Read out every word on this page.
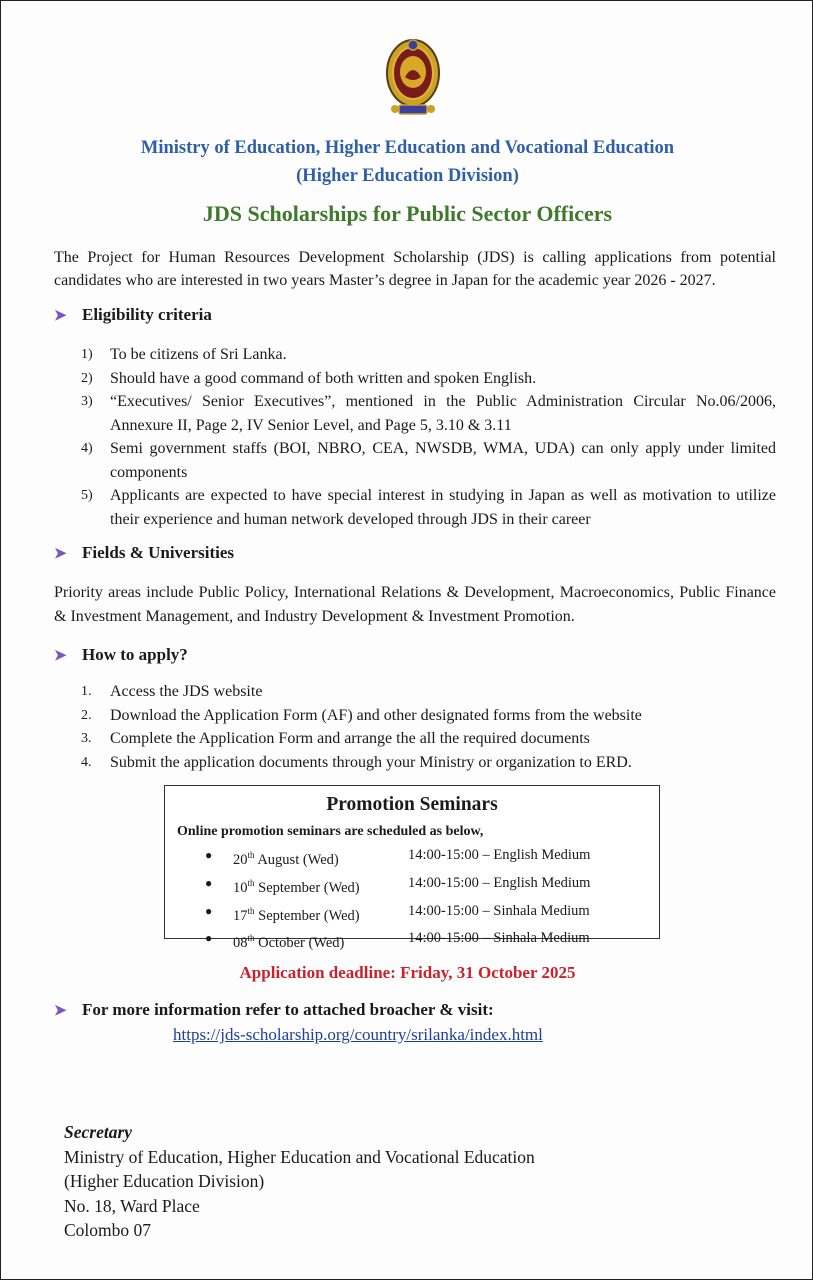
Ministry of Education, Higher Education and Vocational Education
(Higher Education Division)
JDS Scholarships for Public Sector Officers
The Project for Human Resources Development Scholarship (JDS) is calling applications from potential candidates who are interested in two years Master’s degree in Japan for the academic year 2026 - 2027.
➤ Eligibility criteria
1)	To be citizens of Sri Lanka.
2)	Should have a good command of both written and spoken English.
3)	“Executives/ Senior Executives”, mentioned in the Public Administration Circular No.06/2006, Annexure II, Page 2, IV Senior Level, and Page 5, 3.10 & 3.11
4)	Semi government staffs (BOI, NBRO, CEA, NWSDB, WMA, UDA) can only apply under limited components
5)	Applicants are expected to have special interest in studying in Japan as well as motivation to utilize their experience and human network developed through JDS in their career
➤ Fields & Universities
Priority areas include Public Policy, International Relations & Development, Macroeconomics, Public Finance & Investment Management, and Industry Development & Investment Promotion.
➤ How to apply?
1.	Access the JDS website
2.	Download the Application Form (AF) and other designated forms from the website
3.	Complete the Application Form and arrange the all the required documents
4.	Submit the application documents through your Ministry or organization to ERD.
Promotion Seminars
Online promotion seminars are scheduled as below,
●	20th August (Wed)	14:00-15:00 – English Medium
●	10th September (Wed)	14:00-15:00 – English Medium
●	17th September (Wed)	14:00-15:00 – Sinhala Medium
●	08th October (Wed)	14:00-15:00 – Sinhala Medium
Application deadline: Friday, 31 October 2025
➤ For more information refer to attached broacher & visit:
https://jds-scholarship.org/country/srilanka/index.html
Secretary
Ministry of Education, Higher Education and Vocational Education
(Higher Education Division)
No. 18, Ward Place
Colombo 07
